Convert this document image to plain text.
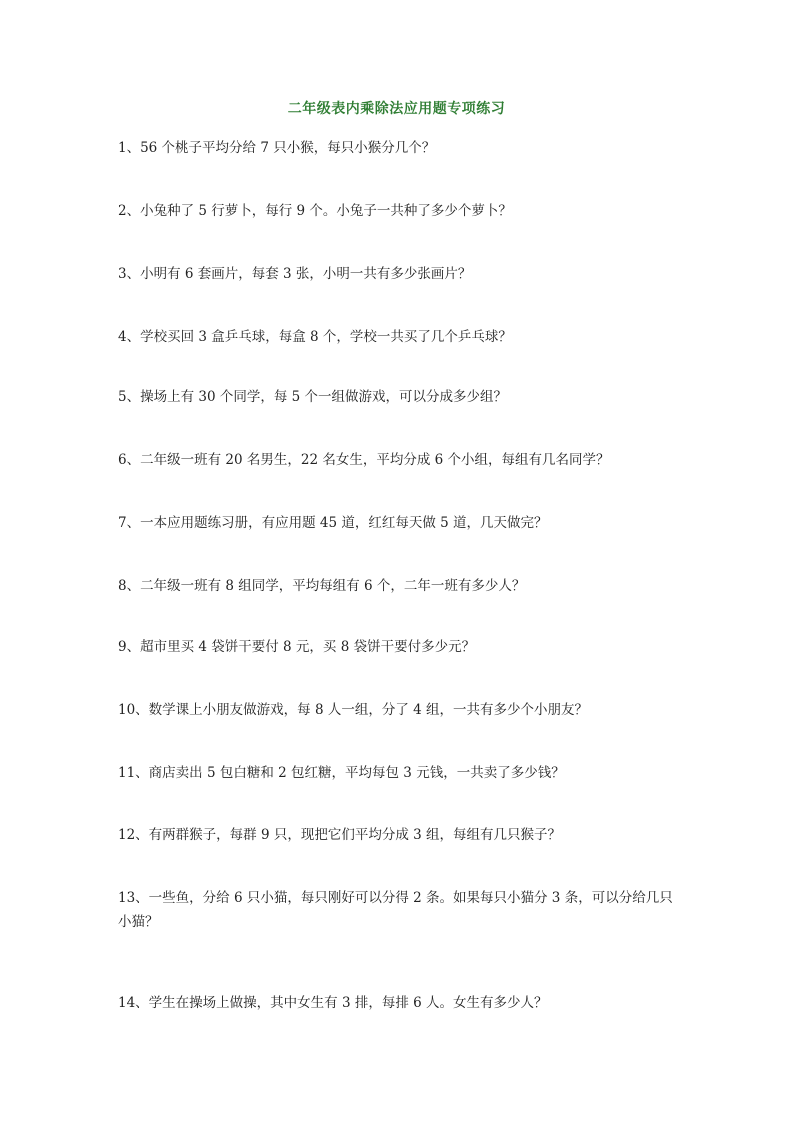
二年级表内乘除法应用题专项练习
1、56 个桃子平均分给 7 只小猴，每只小猴分几个？
2、小兔种了 5 行萝卜，每行 9 个。小兔子一共种了多少个萝卜？
3、小明有 6 套画片，每套 3 张，小明一共有多少张画片？
4、学校买回 3 盒乒乓球，每盒 8 个，学校一共买了几个乒乓球？
5、操场上有 30 个同学，每 5 个一组做游戏，可以分成多少组？
6、二年级一班有 20 名男生，22 名女生，平均分成 6 个小组，每组有几名同学？
7、一本应用题练习册，有应用题 45 道，红红每天做 5 道，几天做完？
8、二年级一班有 8 组同学，平均每组有 6 个，二年一班有多少人？
9、超市里买 4 袋饼干要付 8 元，买 8 袋饼干要付多少元？
10、数学课上小朋友做游戏，每 8 人一组，分了 4 组，一共有多少个小朋友？
11、商店卖出 5 包白糖和 2 包红糖，平均每包 3 元钱，一共卖了多少钱？
12、有两群猴子，每群 9 只，现把它们平均分成 3 组，每组有几只猴子？
13、一些鱼，分给 6 只小猫，每只刚好可以分得 2 条。如果每只小猫分 3 条，可以分给几只小猫？
14、学生在操场上做操，其中女生有 3 排，每排 6 人。女生有多少人？
